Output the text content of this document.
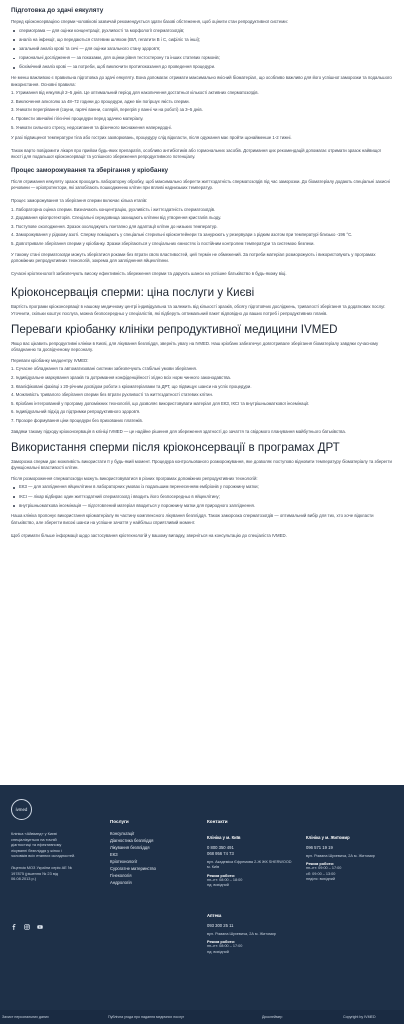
Підготовка до здачі еякуляту

Перед кріоконсервацією сперми чоловікові зазвичай рекомендується здати базові обстеження, щоб оцінити стан репродуктивної системи:

спермограма — для оцінки концентрації, рухливості та морфології сперматозоїдів;
аналіз на інфекції, що передаються статевим шляхом (ВІЛ, гепатити В і С, сифіліс та інші);
загальний аналіз крові та сечі — для оцінки загального стану здоров'я;
гормональні дослідження — за показами, для оцінки рівня тестостерону та інших статевих гормонів;
біохімічний аналіз крові — за потреби, щоб виключити протипоказання до проведення процедури.

Не менш важливою є правильна підготовка до здачі еякуляту. Вона допомагає отримати максимально якісний біоматеріал, що особливо важливо для його успішної заморозки та подальшого використання. Основні правила:

1. Утримання від еякуляції 2–5 днів. Це оптимальний період для накопичення достатньої кількості активних сперматозоїдів.
2. Виключення алкоголю за 48–72 години до процедури, адже він погіршує якість сперми.
3. Уникати перегрівання (сауни, гарячі ванни, солярій, перегрів у ванні чи на роботі) за 3–5 днів.
4. Провести звичайні гігієнічні процедури перед здачею матеріалу.
5. Уникати сильного стресу, недосипання та фізичного виснаження напередодні.

У разі підвищеної температури тіла або гострих захворювань, процедуру слід відкласти, після одужання має пройти щонайменше 1-2 тижні.

Також варто повідомити лікаря про прийом будь-яких препаратів, особливо антибіотиків або гормональних засобів. Дотримання цих рекомендацій допомагає отримати зразок найвищої якості для подальшої кріоконсервації та успішного збереження репродуктивного потенціалу.

Процес заморожування та зберігання у кріобанку

Після отримання еякуляту зразок проходить лабораторну обробку, щоб максимально зберегти життєздатність сперматозоїдів під час заморозки. До біоматеріалу додають спеціальні захисні речовини — кріопротектори, які запобігають пошкодженню клітин при впливі наднизьких температур.

Процес заморожування та зберігання сперми включає кілька етапів:

1. Лабораторна оцінка сперми. Визначають концентрацію, рухливість і життєздатність сперматозоїдів.
2. Додавання кріопротекторів. Спеціальні середовища захищають клітини від утворення кристалів льоду.
3. Поступове охолодження. Зразок охолоджують поетапно для адаптації клітин до низьких температур.
4. Заморожування у рідкому азоті. Сперму поміщають у спеціальні стерильні кріоконтейнери та занурюють у резервуари з рідким азотом при температурі близько -196 °C.
5. Довготривале зберігання сперми у кріобанку. Зразки зберігаються у спеціальних ємностях із постійним контролем температури та системою безпеки.

У такому стані сперматозоїди можуть зберігатися роками без втрати своїх властивостей, цей термін не обмежений. За потреби матеріал розморожують і використовують у програмах допоміжних репродуктивних технологій, зокрема для запліднення яйцеклітини.

Сучасні кріотехнології забезпечують високу ефективність збереження сперми та дарують шанси на успішне батьківство в будь-якому віці.

Кріоконсервація сперми: ціна послуги у Києві

Вартість програми кріоконсервації в нашому медичному центрі індивідуальна та залежить від кількості зразків, обсягу підготовчих досліджень, тривалості зберігання та додаткових послуг. Уточнити, скільки коштує послуга, можна безпосередньо у спеціалістів, які підберуть оптимальний пакет відповідно до ваших потреб і репродуктивних планів.

Переваги кріобанку клініки репродуктивної медицини IVMED

Якщо вас цікавить репродуктивні клініки в Києві, для лікування безпліддя, зверніть увагу на IVMED. Наш кріобанк забезпечує довготривале зберігання біоматеріалу завдяки сучасному обладнанню та досвідченому персоналу.

Переваги кріобанку медцентру IVMED:

1. Сучасне обладнання та автоматизовані системи забезпечують стабільні умови зберігання.
2. Індивідуальне маркування зразків та дотримання конфіденційності згідно всіх норм чинного законодавства.
3. Кваліфіковані фахівці з 20-річним досвідом роботи з кріоматеріалами та ДРТ, що підвищує шанси на успіх процедури.
4. Можливість тривалого зберігання сперми без втрати рухливості та життєздатності статевих клітин.
5. Кріобанк інтегрований у програму допоміжних технологій, що дозволяє використовувати матеріал для ЕКЗ, ІКСІ та внутрішньоматкової інсемінації.
6. Індивідуальний підхід до підтримки репродуктивного здоров'я.
7. Прозоре формування ціни процедури без прихованих платежів.

Завдяки такому підходу кріоконсервація в клініці IVMED — це надійне рішення для збереження здатності до зачаття та свідомого планування майбутнього батьківства.

Використання сперми після кріоконсервації в програмах ДРТ

Заморозка сперми дає можливість використати її у будь-який момент. Процедура контрольованого розморожування, яке дозволяє поступово відновити температуру біоматеріалу та зберегти функціональні властивості клітин.

Після розмороження сперматозоїди можуть використовуватися в різних програмах допоміжних репродуктивних технологій:

ЕКЗ — для запліднення яйцеклітини в лабораторних умовах із подальшим перенесенням ембріонів у порожнину матки;
ІКСІ — лікар відбирає один життєздатний сперматозоїд і вводить його безпосередньо в яйцеклітину;
внутрішньоматкова інсемінація — підготовлений матеріал вводиться у порожнину матки для природного запліднення.

Наша клініка пропонує використання кріоматеріалу як частину комплексного лікування безпліддя. Також заморозка сперматозоїдів — оптимальний вибір для тих, хто хоче відкласти батьківство, але зберегти високі шанси на успішне зачаття у найбільш сприятливий момент.

Щоб отримати більше інформації щодо застосування кріотехнологій у вашому випадку, зверніться на консультацію до спеціаліста IVMED.

ivmed
Клініка «Айвімед» у Києві спеціалізується на точній діагностиці та ефективному лікуванні безпліддя у жінок і чоловіків всіх етапних складностей.
Ліцензія МОЗ України серія АЕ № 197875 (рішення № 23 від 06.08.2013 р.)
Послуги
Консультації
Діагностика безпліддя
Лікування безпліддя
ЕКЗ
Кріотехнології
Сурогатне материнство
Гінекологія
Андрологія
Контакти
Клініка у м. Київ
0 800 350 491
068 956 74 73
вул. Академіка Єфремова 2-Ж ЖК SHERWOOD м. Київ
Режим роботи:
пн–пт: 08:00 – 18:00
нд: вихідний
Клініка у м. Житомир
096 571 19 19
вул. Романа Шухевича, 2А м. Житомир
Режим роботи:
пн–пт: 09:00 – 17:00
сб: 09:00 – 13:00
неділя: вихідний
Аптека
093 300 25 11
вул. Романа Шухевича, 2А м. Житомир
Режим роботи:
пн–пт: 08:00 – 17:00
нд: вихідний
Захист персональних даних	Публічна угода про надання медичних послуг	Дисклеймер	Copyright by IVMED
